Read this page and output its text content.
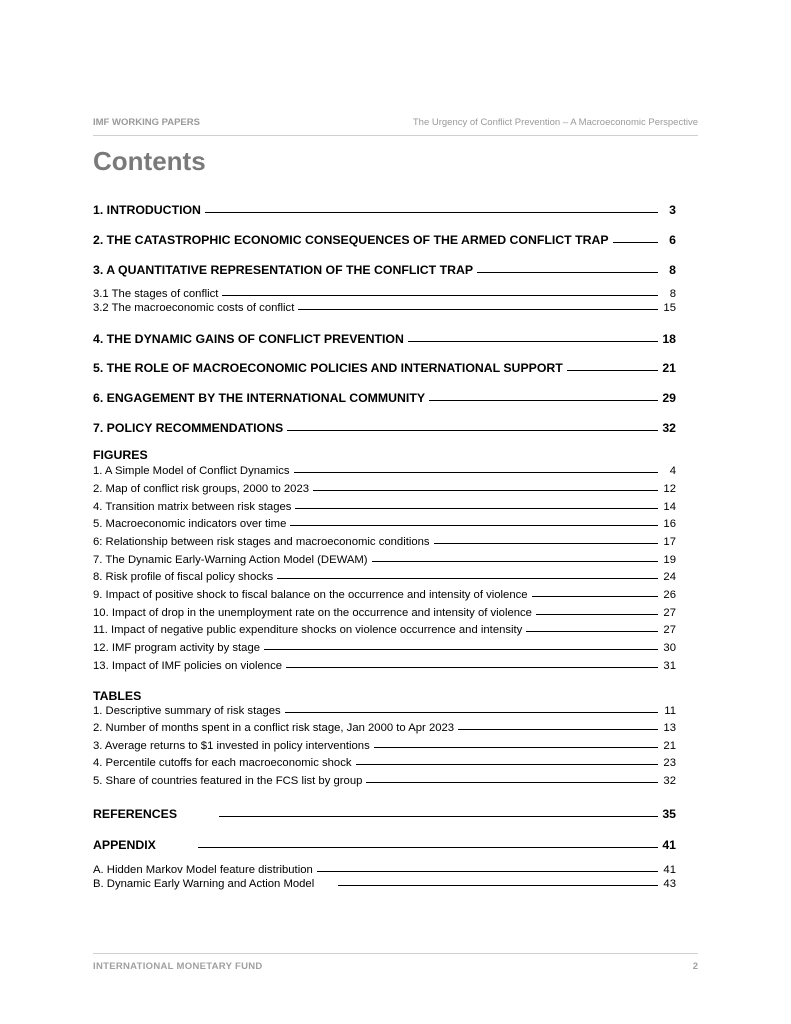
IMF WORKING PAPERS	The Urgency of Conflict Prevention – A Macroeconomic Perspective
Contents
1. INTRODUCTION	3
2. THE CATASTROPHIC ECONOMIC CONSEQUENCES OF THE ARMED CONFLICT TRAP	6
3. A QUANTITATIVE REPRESENTATION OF THE CONFLICT TRAP	8
3.1 The stages of conflict	8
3.2 The macroeconomic costs of conflict	15
4. THE DYNAMIC GAINS OF CONFLICT PREVENTION	18
5. THE ROLE OF MACROECONOMIC POLICIES AND INTERNATIONAL SUPPORT	21
6. ENGAGEMENT BY THE INTERNATIONAL COMMUNITY	29
7. POLICY RECOMMENDATIONS	32
FIGURES
1. A Simple Model of Conflict Dynamics	4
2. Map of conflict risk groups, 2000 to 2023	12
4. Transition matrix between risk stages	14
5. Macroeconomic indicators over time	16
6: Relationship between risk stages and macroeconomic conditions	17
7. The Dynamic Early-Warning Action Model (DEWAM)	19
8. Risk profile of fiscal policy shocks	24
9. Impact of positive shock to fiscal balance on the occurrence and intensity of violence	26
10. Impact of drop in the unemployment rate on the occurrence and intensity of violence	27
11. Impact of negative public expenditure shocks on violence occurrence and intensity	27
12. IMF program activity by stage	30
13. Impact of IMF policies on violence	31
TABLES
1. Descriptive summary of risk stages	11
2. Number of months spent in a conflict risk stage, Jan 2000 to Apr 2023	13
3. Average returns to $1 invested in policy interventions	21
4. Percentile cutoffs for each macroeconomic shock	23
5. Share of countries featured in the FCS list by group	32
REFERENCES	35
APPENDIX	41
A. Hidden Markov Model feature distribution	41
B. Dynamic Early Warning and Action Model	43
INTERNATIONAL MONETARY FUND	2
